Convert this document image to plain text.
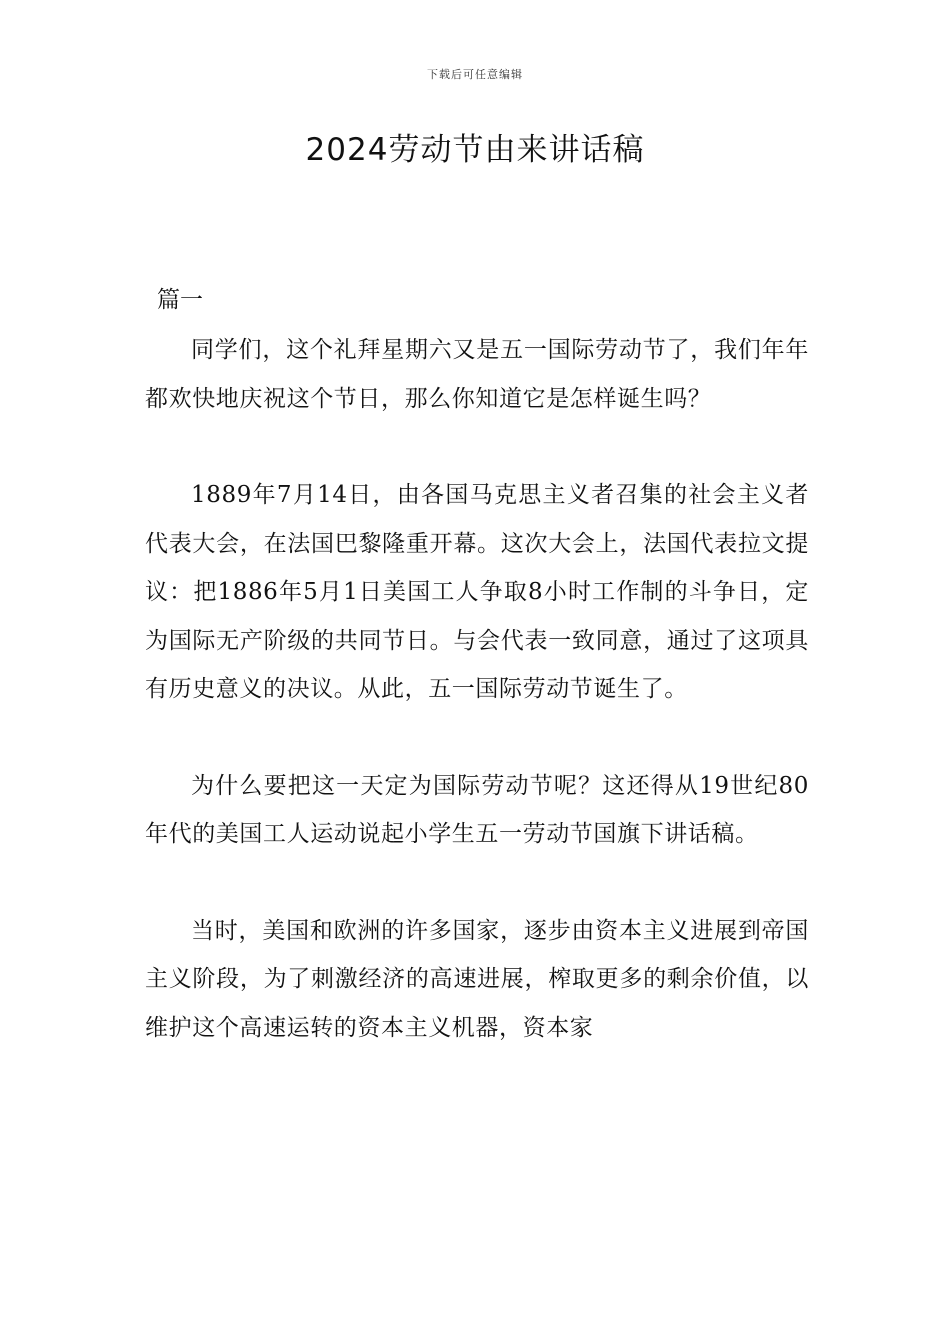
下载后可任意编辑
2024劳动节由来讲话稿
篇一

同学们，这个礼拜星期六又是五一国际劳动节了，我们年年都欢快地庆祝这个节日，那么你知道它是怎样诞生吗？

1889年7月14日，由各国马克思主义者召集的社会主义者代表大会，在法国巴黎隆重开幕。这次大会上，法国代表拉文提议：把1886年5月1日美国工人争取8小时工作制的斗争日，定为国际无产阶级的共同节日。与会代表一致同意，通过了这项具有历史意义的决议。从此，五一国际劳动节诞生了。

为什么要把这一天定为国际劳动节呢？这还得从19世纪80年代的美国工人运动说起小学生五一劳动节国旗下讲话稿。

当时，美国和欧洲的许多国家，逐步由资本主义进展到帝国主义阶段，为了刺激经济的高速进展，榨取更多的剩余价值，以维护这个高速运转的资本主义机器，资本家
